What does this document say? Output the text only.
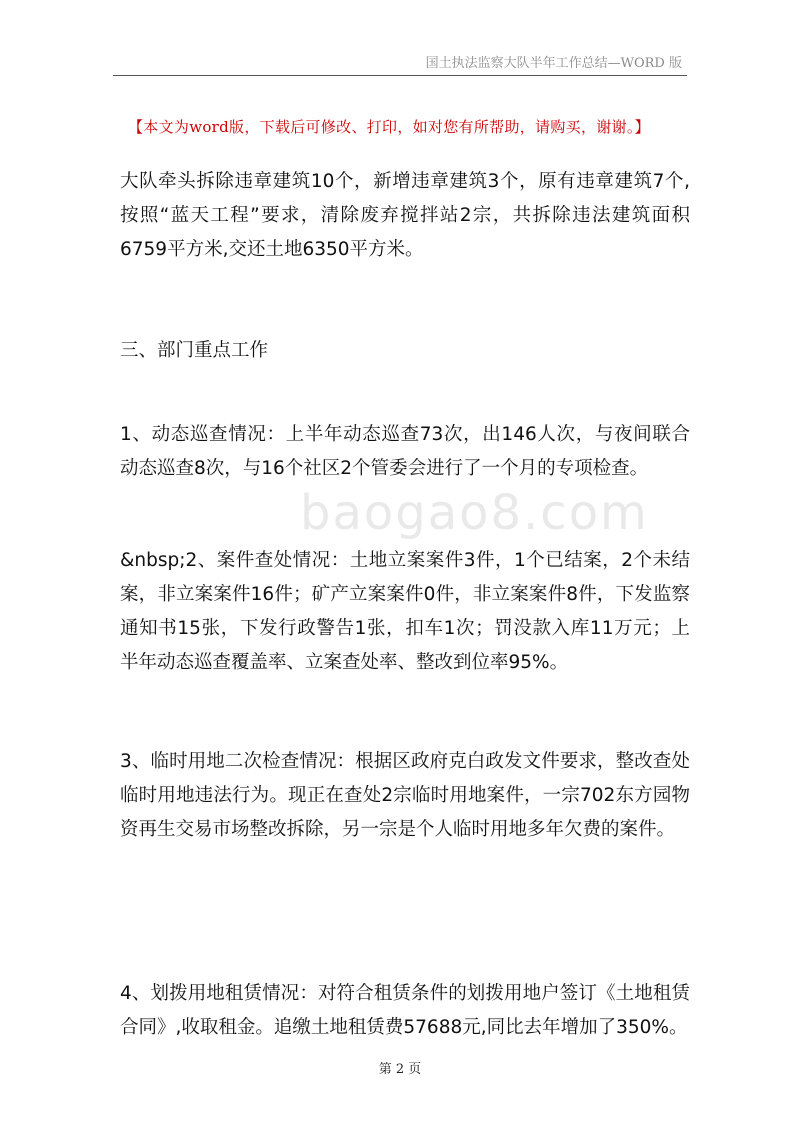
国土执法监察大队半年工作总结—WORD 版
【本文为word版，下载后可修改、打印，如对您有所帮助，请购买，谢谢。】
baogao8.com

大队牵头拆除违章建筑10个，新增违章建筑3个，原有违章建筑7个, 按照“蓝天工程”要求，清除废弃搅拌站2宗，共拆除违法建筑面积6759平方米,交还土地6350平方米。

三、部门重点工作

1、动态巡查情况：上半年动态巡查73次，出146人次，与夜间联合动态巡查8次，与16个社区2个管委会进行了一个月的专项检查。

&nbsp;2、案件查处情况：土地立案案件3件，1个已结案，2个未结案，非立案案件16件；矿产立案案件0件，非立案案件8件，下发监察通知书15张，下发行政警告1张，扣车1次；罚没款入库11万元；上半年动态巡查覆盖率、立案查处率、整改到位率95%。

3、临时用地二次检查情况：根据区政府克白政发文件要求，整改查处临时用地违法行为。现正在查处2宗临时用地案件，一宗702东方园物资再生交易市场整改拆除，另一宗是个人临时用地多年欠费的案件。

4、划拨用地租赁情况：对符合租赁条件的划拨用地户签订《土地租赁合同》,收取租金。追缴土地租赁费57688元,同比去年增加了350%。

第 2 页
